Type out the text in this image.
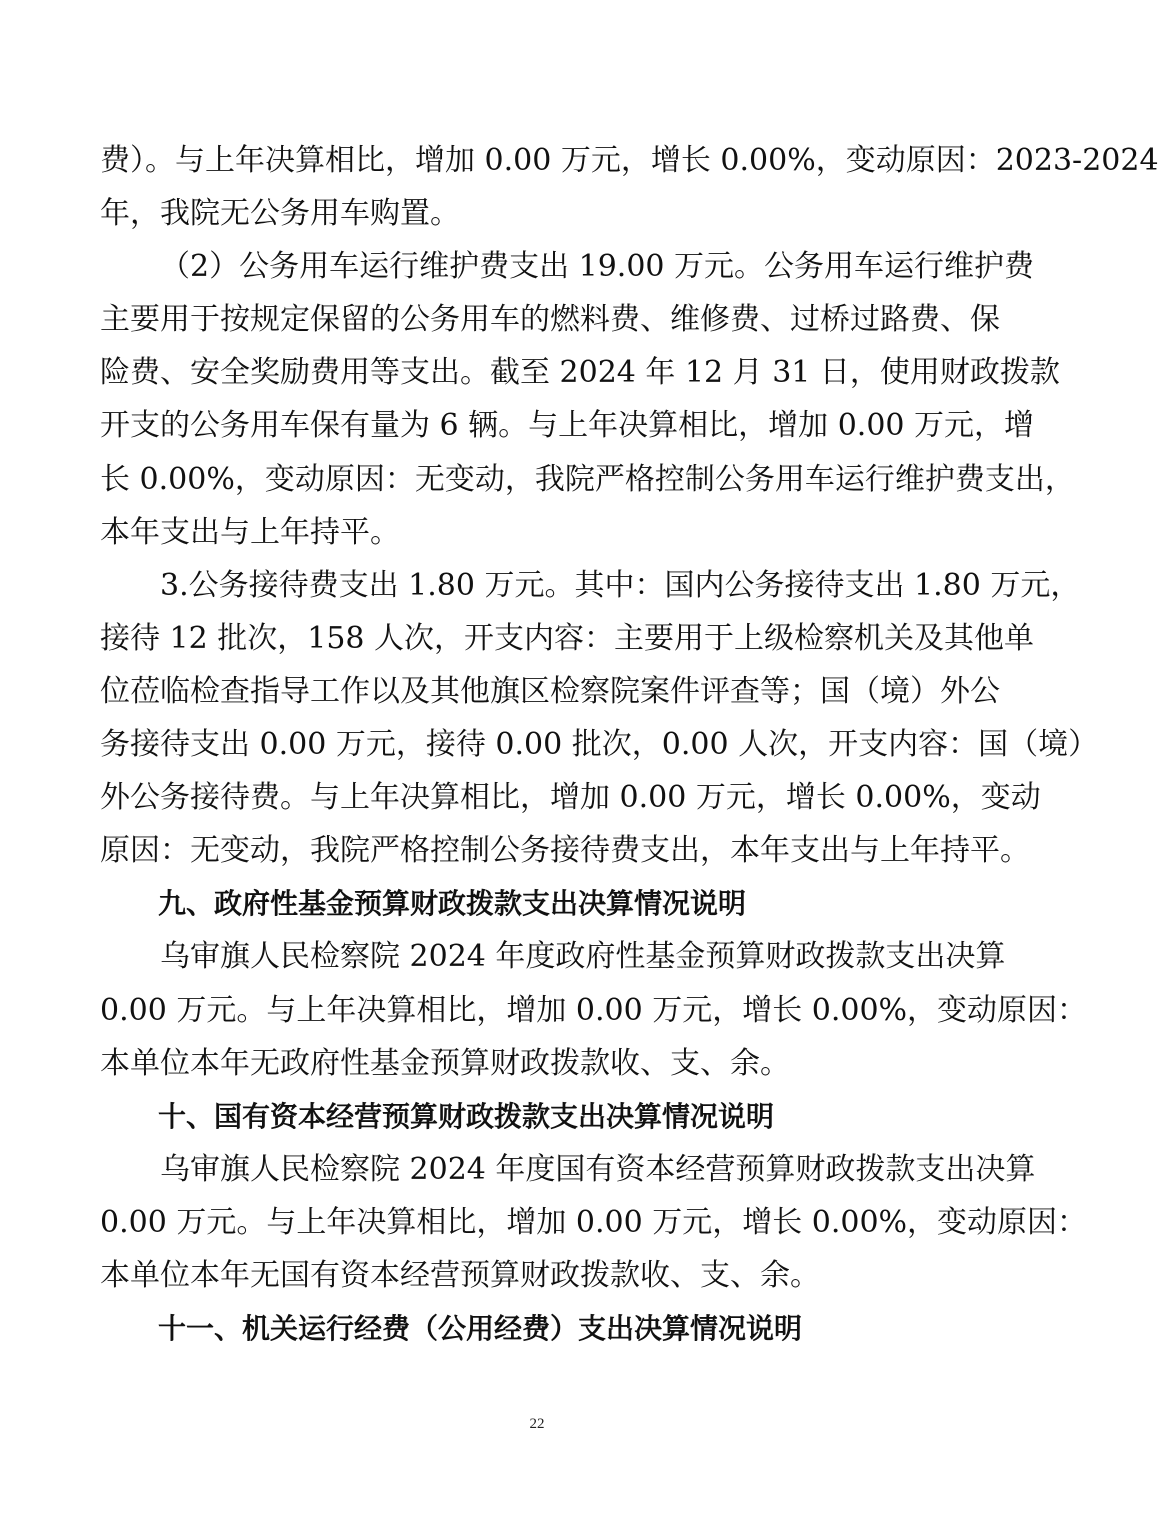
费）。与上年决算相比，增加 0.00 万元，增长 0.00%，变动原因：2023-2024
年，我院无公务用车购置。
（2）公务用车运行维护费支出 19.00 万元。公务用车运行维护费
主要用于按规定保留的公务用车的燃料费、维修费、过桥过路费、保
险费、安全奖励费用等支出。截至 2024 年 12 月 31 日，使用财政拨款
开支的公务用车保有量为 6 辆。与上年决算相比，增加 0.00 万元，增
长 0.00%，变动原因：无变动，我院严格控制公务用车运行维护费支出，
本年支出与上年持平。
3.公务接待费支出 1.80 万元。其中：国内公务接待支出 1.80 万元，
接待 12 批次，158 人次，开支内容：主要用于上级检察机关及其他单
位莅临检查指导工作以及其他旗区检察院案件评查等；国（境）外公
务接待支出 0.00 万元，接待 0.00 批次，0.00 人次，开支内容：国（境）
外公务接待费。与上年决算相比，增加 0.00 万元，增长 0.00%，变动
原因：无变动，我院严格控制公务接待费支出，本年支出与上年持平。
九、政府性基金预算财政拨款支出决算情况说明
乌审旗人民检察院 2024 年度政府性基金预算财政拨款支出决算
0.00 万元。与上年决算相比，增加 0.00 万元，增长 0.00%，变动原因：
本单位本年无政府性基金预算财政拨款收、支、余。
十、国有资本经营预算财政拨款支出决算情况说明
乌审旗人民检察院 2024 年度国有资本经营预算财政拨款支出决算
0.00 万元。与上年决算相比，增加 0.00 万元，增长 0.00%，变动原因：
本单位本年无国有资本经营预算财政拨款收、支、余。
十一、机关运行经费（公用经费）支出决算情况说明
22
